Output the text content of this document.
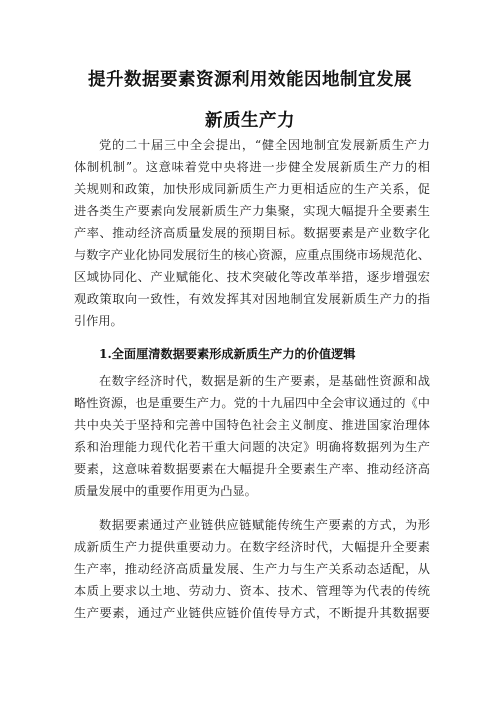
提升数据要素资源利用效能因地制宜发展
新质生产力
党的二十届三中全会提出，“健全因地制宜发展新质生产力
体制机制”。这意味着党中央将进一步健全发展新质生产力的相
关规则和政策，加快形成同新质生产力更相适应的生产关系，促
进各类生产要素向发展新质生产力集聚，实现大幅提升全要素生
产率、推动经济高质量发展的预期目标。数据要素是产业数字化
与数字产业化协同发展衍生的核心资源，应重点围绕市场规范化、
区域协同化、产业赋能化、技术突破化等改革举措，逐步增强宏
观政策取向一致性，有效发挥其对因地制宜发展新质生产力的指
引作用。
1.全面厘清数据要素形成新质生产力的价值逻辑
在数字经济时代，数据是新的生产要素，是基础性资源和战
略性资源，也是重要生产力。党的十九届四中全会审议通过的《中
共中央关于坚持和完善中国特色社会主义制度、推进国家治理体
系和治理能力现代化若干重大问题的决定》明确将数据列为生产
要素，这意味着数据要素在大幅提升全要素生产率、推动经济高
质量发展中的重要作用更为凸显。
数据要素通过产业链供应链赋能传统生产要素的方式，为形
成新质生产力提供重要动力。在数字经济时代，大幅提升全要素
生产率，推动经济高质量发展、生产力与生产关系动态适配，从
本质上要求以土地、劳动力、资本、技术、管理等为代表的传统
生产要素，通过产业链供应链价值传导方式，不断提升其数据要
